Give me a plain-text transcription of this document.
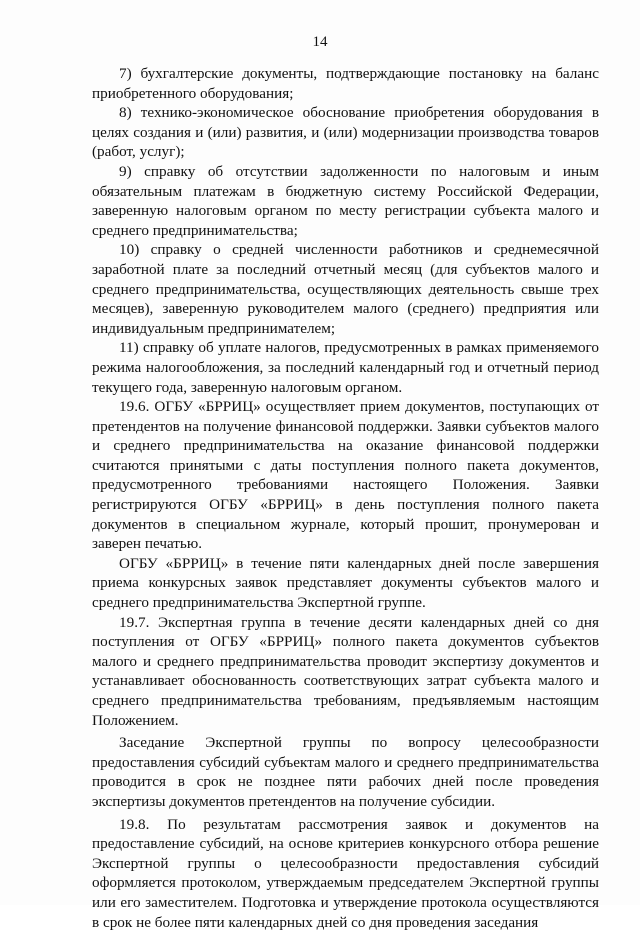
14

7) бухгалтерские документы, подтверждающие постановку на баланс приобретенного оборудования;

8) технико-экономическое обоснование приобретения оборудования в целях создания и (или) развития, и (или) модернизации производства товаров (работ, услуг);

9) справку об отсутствии задолженности по налоговым и иным обязательным платежам в бюджетную систему Российской Федерации, заверенную налоговым органом по месту регистрации субъекта малого и среднего предпринимательства;

10) справку о средней численности работников и среднемесячной заработной плате за последний отчетный месяц (для субъектов малого и среднего предпринимательства, осуществляющих деятельность свыше трех месяцев), заверенную руководителем малого (среднего) предприятия или индивидуальным предпринимателем;

11) справку об уплате налогов, предусмотренных в рамках применяемого режима налогообложения, за последний календарный год и отчетный период текущего года, заверенную налоговым органом.

19.6. ОГБУ «БРРИЦ» осуществляет прием документов, поступающих от претендентов на получение финансовой поддержки. Заявки субъектов малого и среднего предпринимательства на оказание финансовой поддержки считаются принятыми с даты поступления полного пакета документов, предусмотренного требованиями настоящего Положения. Заявки регистрируются ОГБУ «БРРИЦ» в день поступления полного пакета документов в специальном журнале, который прошит, пронумерован и заверен печатью.

ОГБУ «БРРИЦ» в течение пяти календарных дней после завершения приема конкурсных заявок представляет документы субъектов малого и среднего предпринимательства Экспертной группе.

19.7. Экспертная группа в течение десяти календарных дней со дня поступления от ОГБУ «БРРИЦ» полного пакета документов субъектов малого и среднего предпринимательства проводит экспертизу документов и устанавливает обоснованность соответствующих затрат субъекта малого и среднего предпринимательства требованиям, предъявляемым настоящим Положением.

Заседание Экспертной группы по вопросу целесообразности предоставления субсидий субъектам малого и среднего предпринимательства проводится в срок не позднее пяти рабочих дней после проведения экспертизы документов претендентов на получение субсидии.

19.8. По результатам рассмотрения заявок и документов на предоставление субсидий, на основе критериев конкурсного отбора решение Экспертной группы о целесообразности предоставления субсидий оформляется протоколом, утверждаемым председателем Экспертной группы или его заместителем. Подготовка и утверждение протокола осуществляются в срок не более пяти календарных дней со дня проведения заседания
